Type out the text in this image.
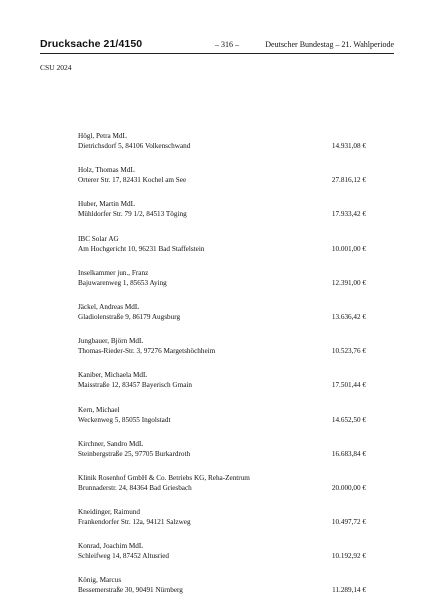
Drucksache 21/4150	– 316 –	Deutscher Bundestag – 21. Wahlperiode
CSU 2024
Högl, Petra MdL
Dietrichsdorf 5, 84106 Volkenschwand	14.931,08 €
Holz, Thomas MdL
Orterer Str. 17, 82431 Kochel am See	27.816,12 €
Huber, Martin MdL
Mühldorfer Str. 79 1/2, 84513 Töging	17.933,42 €
IBC Solar AG
Am Hochgericht 10, 96231 Bad Staffelstein	10.001,00 €
Inselkammer jun., Franz
Bajuwarenweg 1, 85653 Aying	12.391,00 €
Jäckel, Andreas MdL
Gladiolenstraße 9, 86179 Augsburg	13.636,42 €
Jungbauer, Björn MdL
Thomas-Rieder-Str. 3, 97276 Margetshöchheim	10.523,76 €
Kaniber, Michaela MdL
Maisstraße 12, 83457 Bayerisch Gmain	17.501,44 €
Kern, Michael
Weckenweg 5, 85055 Ingolstadt	14.652,50 €
Kirchner, Sandro MdL
Steinbergstraße 25, 97705 Burkardroth	16.683,84 €
Klinik Rosenhof GmbH & Co. Betriebs KG, Reha-Zentrum
Brunnaderstr. 24, 84364 Bad Griesbach	20.000,00 €
Kneidinger, Raimund
Frankendorfer Str. 12a, 94121 Salzweg	10.497,72 €
Konrad, Joachim MdL
Schleifweg 14, 87452 Altusried	10.192,92 €
König, Marcus
Bessemerstraße 30, 90491 Nürnberg	11.289,14 €
